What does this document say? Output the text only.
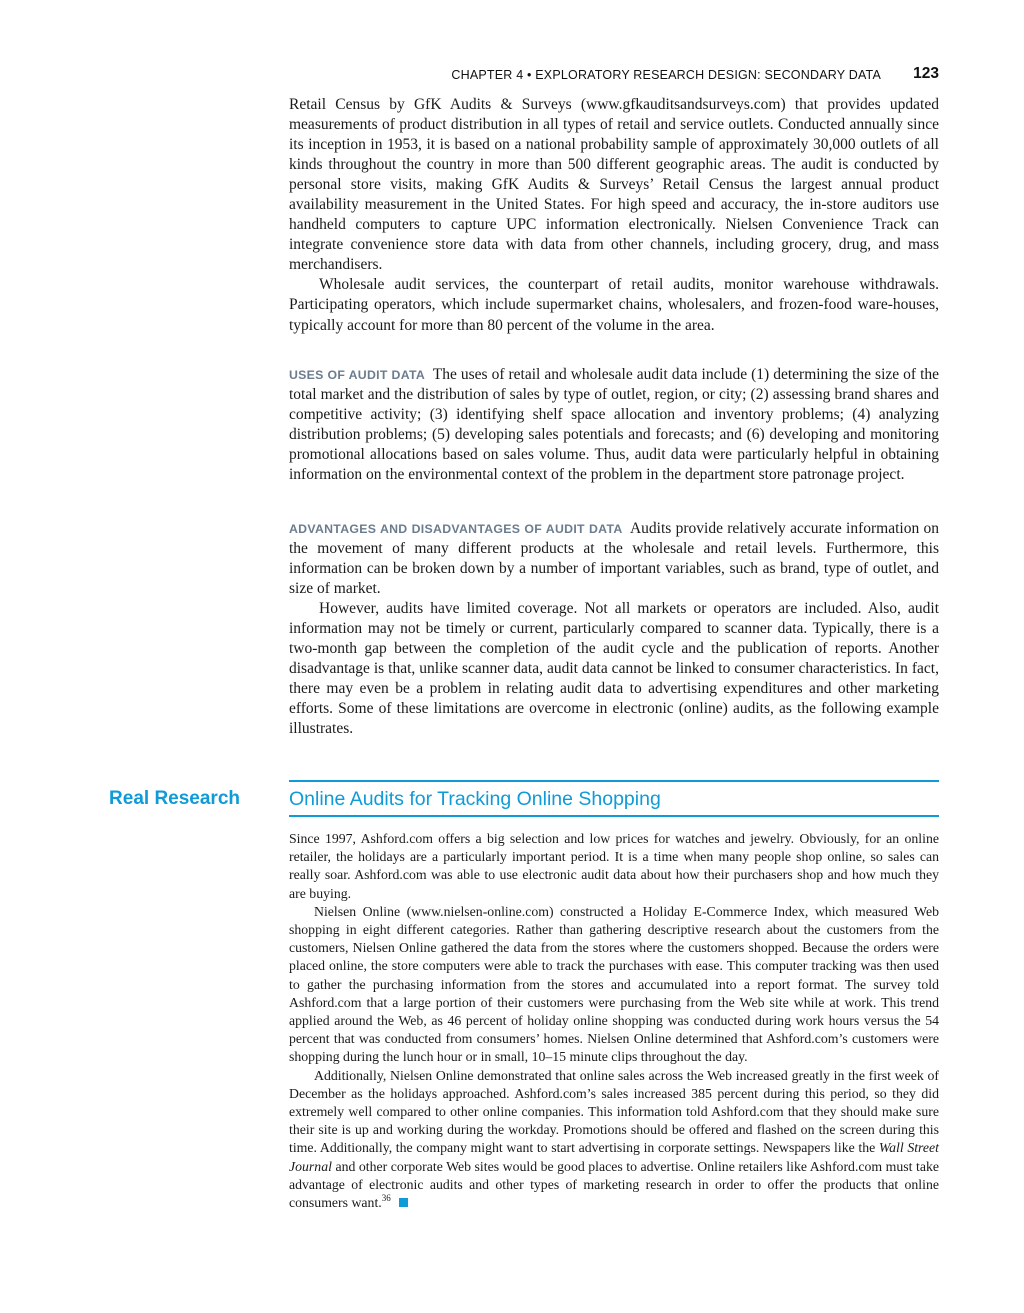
CHAPTER 4 • EXPLORATORY RESEARCH DESIGN: SECONDARY DATA 123

Retail Census by GfK Audits & Surveys (www.gfkauditsandsurveys.com) that provides updated measurements of product distribution in all types of retail and service outlets. Conducted annually since its inception in 1953, it is based on a national probability sample of approximately 30,000 outlets of all kinds throughout the country in more than 500 different geographic areas. The audit is conducted by personal store visits, making GfK Audits & Surveys’ Retail Census the largest annual product availability measurement in the United States. For high speed and accuracy, the in-store auditors use handheld computers to capture UPC information electronically. Nielsen Convenience Track can integrate convenience store data with data from other channels, including grocery, drug, and mass merchandisers.

Wholesale audit services, the counterpart of retail audits, monitor warehouse withdrawals. Participating operators, which include supermarket chains, wholesalers, and frozen-food ware-houses, typically account for more than 80 percent of the volume in the area.

USES OF AUDIT DATA The uses of retail and wholesale audit data include (1) determining the size of the total market and the distribution of sales by type of outlet, region, or city; (2) assessing brand shares and competitive activity; (3) identifying shelf space allocation and inventory problems; (4) analyzing distribution problems; (5) developing sales potentials and forecasts; and (6) developing and monitoring promotional allocations based on sales volume. Thus, audit data were particularly helpful in obtaining information on the environmental context of the problem in the department store patronage project.

ADVANTAGES AND DISADVANTAGES OF AUDIT DATA Audits provide relatively accurate information on the movement of many different products at the wholesale and retail levels. Furthermore, this information can be broken down by a number of important variables, such as brand, type of outlet, and size of market.

However, audits have limited coverage. Not all markets or operators are included. Also, audit information may not be timely or current, particularly compared to scanner data. Typically, there is a two-month gap between the completion of the audit cycle and the publication of reports. Another disadvantage is that, unlike scanner data, audit data cannot be linked to consumer characteristics. In fact, there may even be a problem in relating audit data to advertising expenditures and other marketing efforts. Some of these limitations are overcome in electronic (online) audits, as the following example illustrates.

Real Research	Online Audits for Tracking Online Shopping

Since 1997, Ashford.com offers a big selection and low prices for watches and jewelry. Obviously, for an online retailer, the holidays are a particularly important period. It is a time when many people shop online, so sales can really soar. Ashford.com was able to use electronic audit data about how their purchasers shop and how much they are buying.

Nielsen Online (www.nielsen-online.com) constructed a Holiday E-Commerce Index, which measured Web shopping in eight different categories. Rather than gathering descriptive research about the customers from the customers, Nielsen Online gathered the data from the stores where the customers shopped. Because the orders were placed online, the store computers were able to track the purchases with ease. This computer tracking was then used to gather the purchasing information from the stores and accumulated into a report format. The survey told Ashford.com that a large portion of their customers were purchasing from the Web site while at work. This trend applied around the Web, as 46 percent of holiday online shopping was conducted during work hours versus the 54 percent that was conducted from consumers’ homes. Nielsen Online determined that Ashford.com’s customers were shopping during the lunch hour or in small, 10–15 minute clips throughout the day.

Additionally, Nielsen Online demonstrated that online sales across the Web increased greatly in the first week of December as the holidays approached. Ashford.com’s sales increased 385 percent during this period, so they did extremely well compared to other online companies. This information told Ashford.com that they should make sure their site is up and working during the workday. Promotions should be offered and flashed on the screen during this time. Additionally, the company might want to start advertising in corporate settings. Newspapers like the Wall Street Journal and other corporate Web sites would be good places to advertise. Online retailers like Ashford.com must take advantage of electronic audits and other types of marketing research in order to offer the products that online consumers want.$^{36}$
